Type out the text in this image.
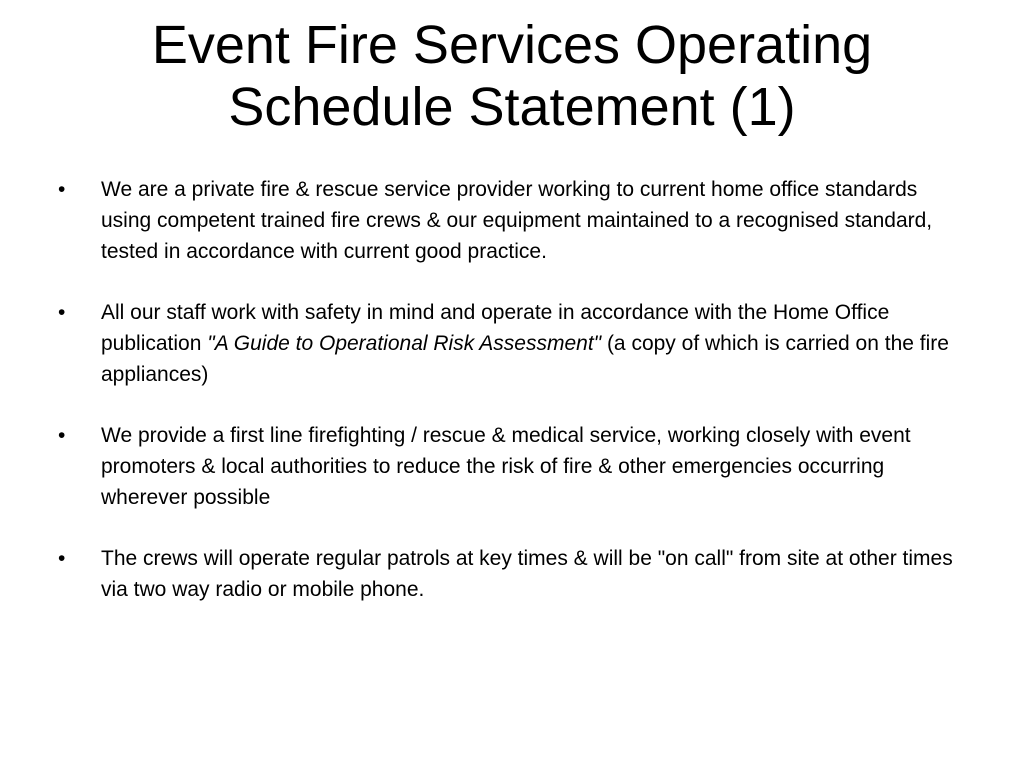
Event Fire Services Operating
Schedule Statement (1)
•	We are a private fire & rescue service provider working to current home office standards using competent trained fire crews & our equipment maintained to a recognised standard, tested in accordance with current good practice.
•	All our staff work with safety in mind and operate in accordance with the Home Office publication "A Guide to Operational Risk Assessment" (a copy of which is carried on the fire appliances)
•	We provide a first line firefighting / rescue & medical service, working closely with event promoters & local authorities to reduce the risk of fire & other emergencies occurring wherever possible
•	The crews will operate regular patrols at key times & will be "on call" from site at other times via two way radio or mobile phone.
